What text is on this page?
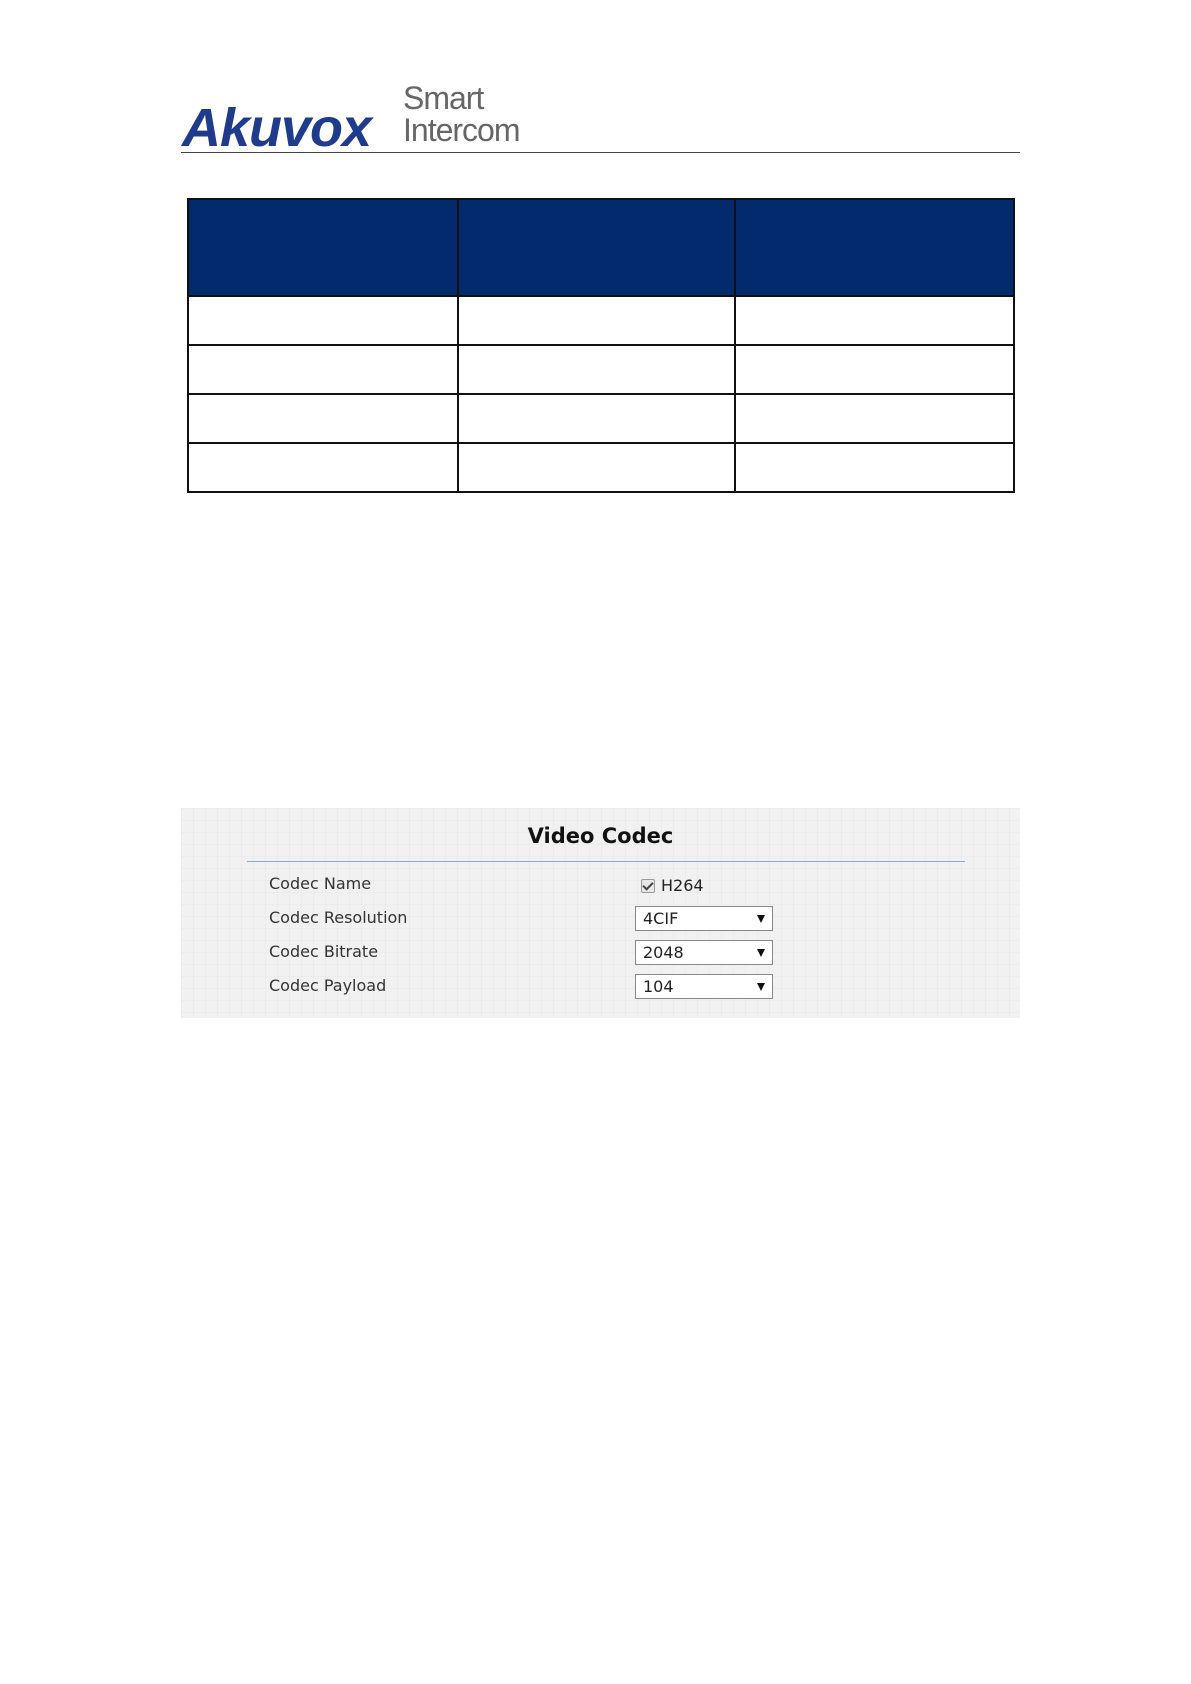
Akuvox Smart
Intercom

Video Codec
Codec Name	H264
Codec Resolution	4CIF
Codec Bitrate	2048
Codec Payload	104
